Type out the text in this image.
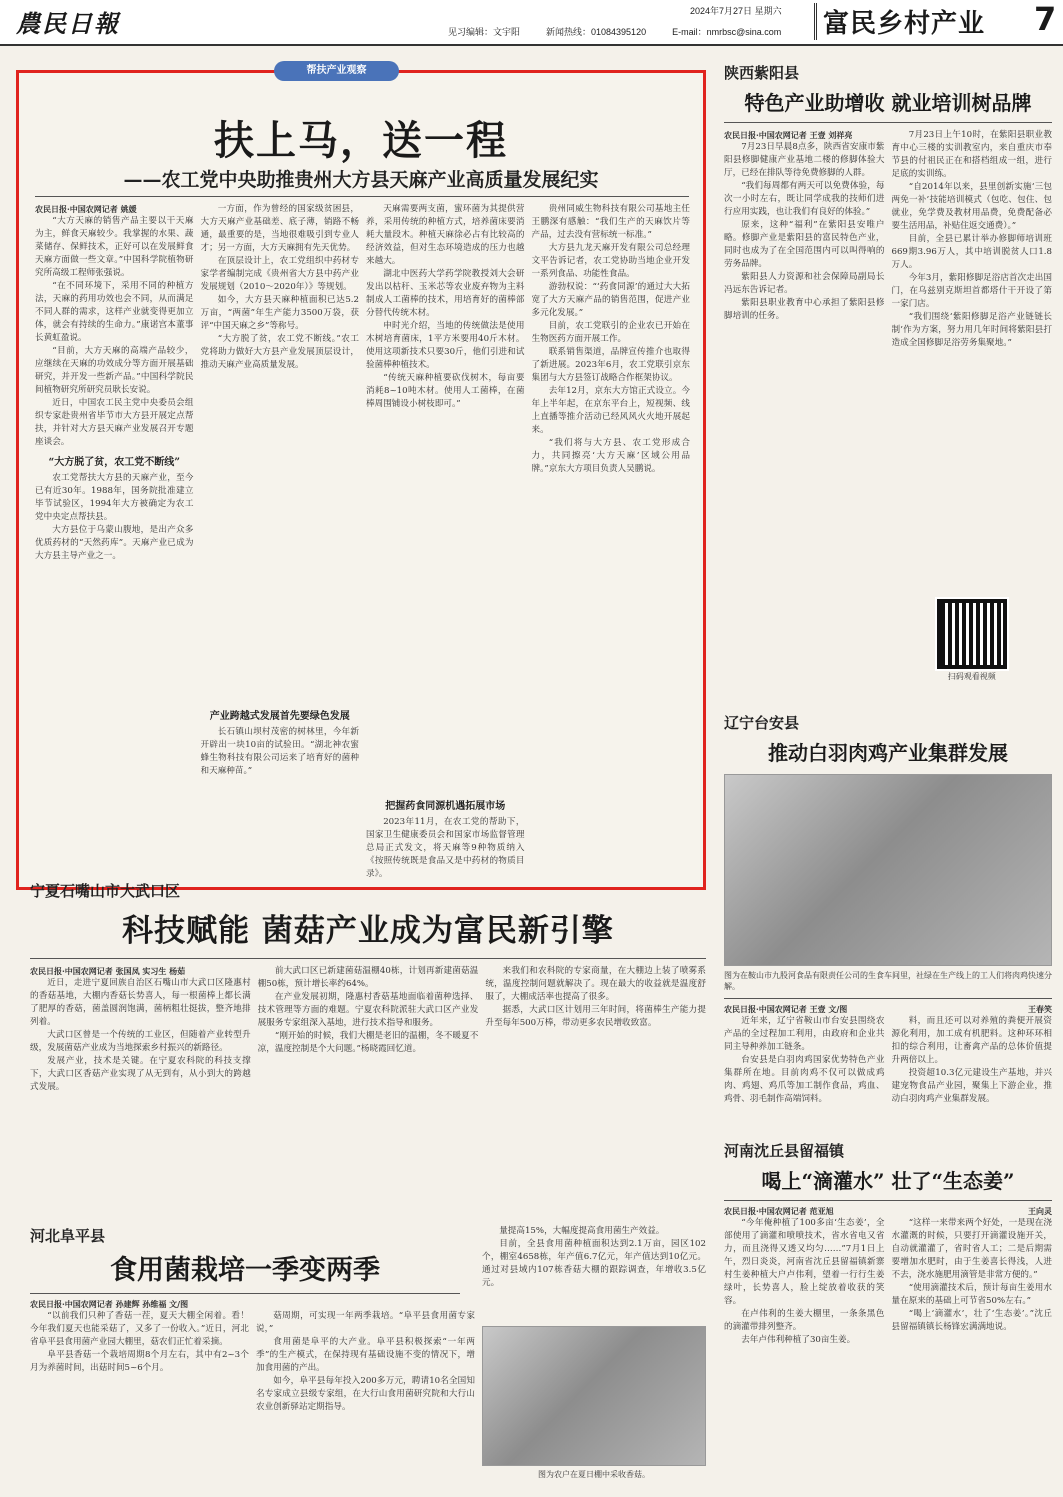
農民日報	2024年7月27日 星期六
见习编辑：文宇阳	新闻热线：01084395120	E-mail：nmrbsc@sina.com	富民乡村产业 7
帮扶产业观察
扶上马，送一程
——农工党中央助推贵州大方县天麻产业高质量发展纪实
农民日报·中国农网记者 姚媛

“大方天麻的销售产品主要以干天麻为主，鲜食天麻较少。我掌握的水果、蔬菜储存、保鲜技术，正好可以在发展鲜食天麻方面做一些文章。”中国科学院植物研究所高级工程师张强说。

“在不同环境下，采用不同的种植方法，天麻的药用功效也会不同，从而满足不同人群的需求，这样产业就变得更加立体，就会有持续的生命力。”康诺宫本董事长黄虹盈说。

“目前，大方天麻的高端产品较少，应继续在天麻的功效成分等方面开展基础研究，并开发一些新产品。”中国科学院民间植物研究所研究员耿长安说。

近日，中国农工民主党中央委员会组织专家赴贵州省毕节市大方县开展定点帮扶，并针对大方县天麻产业发展召开专题座谈会。

“大方脱了贫，农工党不断线”

农工党帮扶大方县的天麻产业，至今已有近30年。1988年，国务院批准建立毕节试验区，1994年大方被确定为农工党中央定点帮扶县。

大方县位于乌蒙山腹地，是出产众多优质药材的“天然药库”。天麻产业已成为大方县主导产业之一。

一方面，作为曾经的国家级贫困县，大方天麻产业基础差、底子薄，销路不畅通，最重要的是，当地很难吸引到专业人才；另一方面，大方天麻拥有先天优势。

在顶层设计上，农工党组织中药材专家学者编制完成《贵州省大方县中药产业发展规划（2010～2020年）》等规划。

如今，大方县天麻种植面积已达5.2万亩，“两菌”年生产能力3500万袋，获评“中国天麻之乡”等称号。

“大方脱了贫，农工党不断线。”农工党将助力做好大方县产业发展顶层设计，推动天麻产业高质量发展。

产业跨越式发展首先要绿色发展

长石镇山坝村茂密的树林里，今年新开辟出一块10亩的试验田。“湖北神农蜜蜂生物科技有限公司运来了培育好的菌种和天麻种苗。”

天麻需要两支菌，蜜环菌为其提供营养，采用传统的种植方式，培养菌床要消耗大量段木。种植天麻徐必占有比较高的经济效益，但对生态环境造成的压力也越来越大。

湖北中医药大学药学院教授刘大会研发出以枯秆、玉米芯等农业废弃物为主料制成人工菌棒的技术，用培育好的菌棒部分替代传统木材。

申时光介绍，当地的传统做法是使用木树培育菌床，1平方米要用40斤木材。使用这项新技术只要30斤，他们引进和试验菌棒种植技术。

“传统天麻种植要砍伐树木，每亩要消耗8~10吨木材。使用人工菌棒，在菌棒周围铺设小树枝即可。”

把握药食同源机遇拓展市场

2023年11月，在农工党的帮助下，国家卫生健康委员会和国家市场监督管理总局正式发文，将天麻等9种物质纳入《按照传统既是食品又是中药材的物质目录》。

贵州同威生物科技有限公司基地主任王鹏深有感触：“我们生产的天麻饮片等产品，过去没有营标统一标准。”

大方县九龙天麻开发有限公司总经理文平告诉记者，农工党协助当地企业开发一系列食品、功能性食品。

游勃权说：“‘药食同源’的通过大大拓宽了大方天麻产品的销售范围，促进产业多元化发展。”

目前，农工党联引的企业农已开始在生物医药方面开展工作。

联系销售渠道，品牌宣传推介也取得了新进展。2023年6月，农工党联引京东集团与大方县签订战略合作框架协议。

去年12月，京东大方馆正式设立。今年上半年起，在京东平台上，短视频、线上直播等推介活动已经风风火火地开展起来。

“我们将与大方县、农工党形成合力，共同擦亮‘大方天麻’区域公用品牌。”京东大方项目负责人吴鹏说。

陕西紫阳县
特色产业助增收 就业培训树品牌
农民日报·中国农网记者 王壹 刘祥亮

7月23日早晨8点多，陕西省安康市紫阳县修脚健康产业基地二楼的修脚体验大厅，已经在排队等待免费修脚的人群。

“我们每周都有两天可以免费体验，每次一小时左右，既让同学成我的技师们进行应用实践，也让我们有良好的体验。”

原来，这种“福利”在紫阳县安唯户略。修脚产业是紫阳县的富民特色产业，同时也成为了在全国范围内可以叫得响的劳务品牌。

紫阳县人力资源和社会保障局副局长冯远东告诉记者。

紫阳县职业教育中心承担了紫阳县修脚培训的任务。

7月23日上午10时，在紫阳县职业教育中心三楼的实训教室内，来自重庆市奉节县的付祖民正在和搭档组成一组，进行足底的实训练。

“自2014年以来，县里创新实施‘三包两免一补’技能培训模式（包吃、包住、包就业，免学费及教材用品费，免费配备必要生活用品，补贴住返交通费）。”

目前，全县已累计举办修脚师培训班669期3.96万人，其中培训脱贫人口1.8万人。

今年3月，紫阳修脚足浴店首次走出国门，在乌兹别克斯坦首都塔什干开设了第一家门店。

“我们围绕‘紫阳修脚足浴产业链链长制’作为方案，努力用几年时间将紫阳县打造成全国修脚足浴劳务集聚地。”

扫码观看视频
辽宁台安县
推动白羽肉鸡产业集群发展
图为在鞍山市九股河食品有限责任公司的生食车间里，社绿在生产线上的工人们将肉鸡快速分解。
农民日报·中国农网记者 王壹 文/图

近年来，辽宁省鞍山市台安县围绕农产品的全过程加工利用，由政府和企业共同主导种养加工链条。

台安县是白羽肉鸡国家优势特色产业集群所在地。目前肉鸡不仅可以做成鸡肉、鸡翅、鸡爪等加工制作食品，鸡血、鸡骨、羽毛制作高端饲料。

王春笑

料，而且还可以对养殖的粪便开展资源化利用，加工成有机肥料。这种环环相扣的综合利用，让畜禽产品的总体价值提升两倍以上。

投资超10.3亿元建设生产基地，并兴建宠物食品产业园，聚集上下游企业，推动白羽肉鸡产业集群发展。

河南沈丘县留福镇
喝上“滴灌水” 壮了“生态姜”
农民日报·中国农网记者 范亚旭

“今年俺种植了100多亩‘生态姜’，全部使用了滴灌和喷喷技术，省水省电又省力，而且浇得又透又均匀……”7月1日上午，烈日炎炎，河南省沈丘县留福镇新寨村生姜种植大户卢伟利，望着一行行生姜绿叶，长势喜人，脸上绽放着收获的笑容。

在卢伟利的生姜大棚里，一条条黑色的滴灌带排列整齐。

去年卢伟利种植了30亩生姜。

王向灵

“这样一来带来两个好处，一是现在浇水灌溉的时候，只要打开滴灌设施开关，自动就灌灌了，省时省人工；二是后期需要增加水肥时，由于生姜喜长得浅，人进不去，浇水施肥用滴管是非常方便的。”

“使用滴灌技术后，预计每亩生姜用水量在原来的基础上可节省50%左右。”

“喝上‘滴灌水’，壮了‘生态姜’。”沈丘县留福镇镇长杨锋宏满满地说。

宁夏石嘴山市大武口区
科技赋能 菌菇产业成为富民新引擎
农民日报·中国农网记者 张国凤 实习生 杨茹

近日，走进宁夏回族自治区石嘴山市大武口区隆惠村的香菇基地，大棚内香菇长势喜人，每一根菌棒上都长满了肥厚的香菇，菌盖圆润饱满，菌柄粗壮挺拔，整齐地排列着。

大武口区曾是一个传统的工业区，但随着产业转型升级，发展菌菇产业成为当地探索乡村振兴的新路径。

发展产业，技术是关键。在宁夏农科院的科技支撑下，大武口区香菇产业实现了从无到有，从小到大的跨越式发展。

前大武口区已新建菌菇温棚40栋，计划再新建菌菇温棚50栋，预计增长率约64%。

在产业发展初期，隆惠村香菇基地面临着菌种选择、技术管理等方面的难题。宁夏农科院派驻大武口区产业发展服务专家组深入基地，进行技术指导和服务。

“刚开始的时候，我们大棚是老旧的温棚，冬不暖夏不凉，温度控制是个大问题。”杨晓霞回忆道。

来我们和农科院的专家商量，在大棚边上装了喷雾系统，温度控制问题就解决了。现在最大的收益就是温度舒服了，大棚成活率也提高了很多。

据悉，大武口区计划用三年时间，将菌棒生产能力提升至每年500万棒，带动更多农民增收致富。

河北阜平县
食用菌栽培一季变两季
农民日报·中国农网记者 孙建辉 孙维福 文/图

“以前我们只种了香菇一茬，夏天大棚全闲着。看！今年我们夏天也能采菇了，又多了一份收入。”近日，河北省阜平县食用菌产业园大棚里，菇农们正忙着采摘。

阜平县香菇一个栽培周期8个月左右，其中有2~3个月为养菌时间，出菇时间5~6个月。

菇周期，可实现一年两季栽培。“阜平县食用菌专家说，”

食用菌是阜平的大产业。阜平县积极探索“一年两季”的生产模式，在保持现有基础设施不变的情况下，增加食用菌的产出。

如今，阜平县每年投入200多万元，聘请10名全国知名专家成立县级专家组，在大行山食用菌研究院和大行山农业创新驿站定期指导。

量提高15%，大幅度提高食用菌生产效益。

目前，全县食用菌种植面积达到2.1万亩，园区102个，棚室4658栋，年产值6.7亿元，年产值达到10亿元。通过对县域内107栋香菇大棚的跟踪调查，年增收3.5亿元。

图为农户在夏日棚中采收香菇。
